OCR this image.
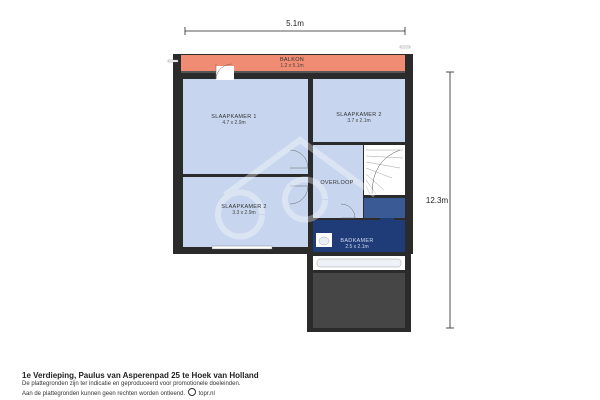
5.1m
12.3m
BALKON
1.2 x 5.1m
BADKAMER
2.5 x 2.1m
SLAAPKAMER 1
4.7 x 2.9m
SLAAPKAMER 2
3.7 x 2.1m
SLAAPKAMER 2
3.3 x 2.9m
OVERLOOP
1e Verdieping, Paulus van Asperenpad 25 te Hoek van Holland
De plattegronden zijn ter indicatie en geproduceerd voor promotionele doeleinden.
Aan de plattegronden kunnen geen rechten worden ontleend. topr.nl
